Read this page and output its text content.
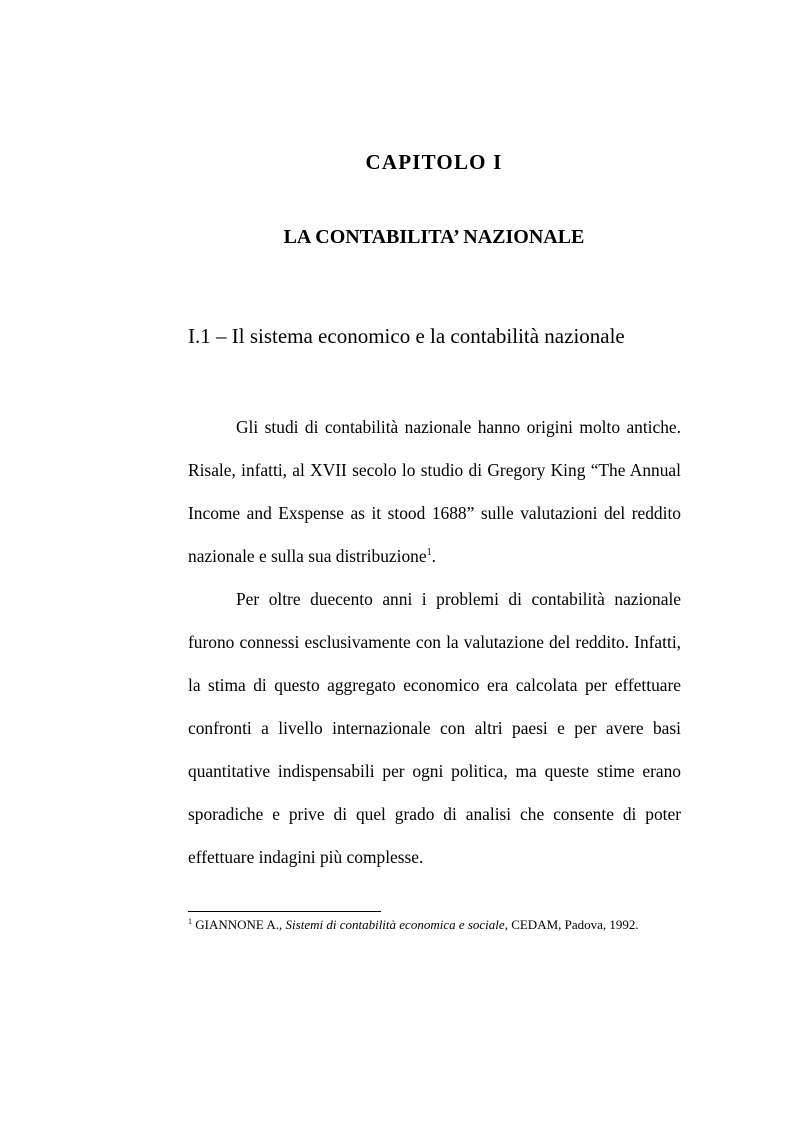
CAPITOLO I
LA CONTABILITA’ NAZIONALE
I.1 – Il sistema economico e la contabilità nazionale

Gli studi di contabilità nazionale hanno origini molto antiche. Risale, infatti, al XVII secolo lo studio di Gregory King “The Annual Income and Exspense as it stood 1688” sulle valutazioni del reddito nazionale e sulla sua distribuzione$^1$.

Per oltre duecento anni i problemi di contabilità nazionale furono connessi esclusivamente con la valutazione del reddito. Infatti, la stima di questo aggregato economico era calcolata per effettuare confronti a livello internazionale con altri paesi e per avere basi quantitative indispensabili per ogni politica, ma queste stime erano sporadiche e prive di quel grado di analisi che consente di poter effettuare indagini più complesse.

$^1$ GIANNONE A., Sistemi di contabilità economica e sociale, CEDAM, Padova, 1992.
